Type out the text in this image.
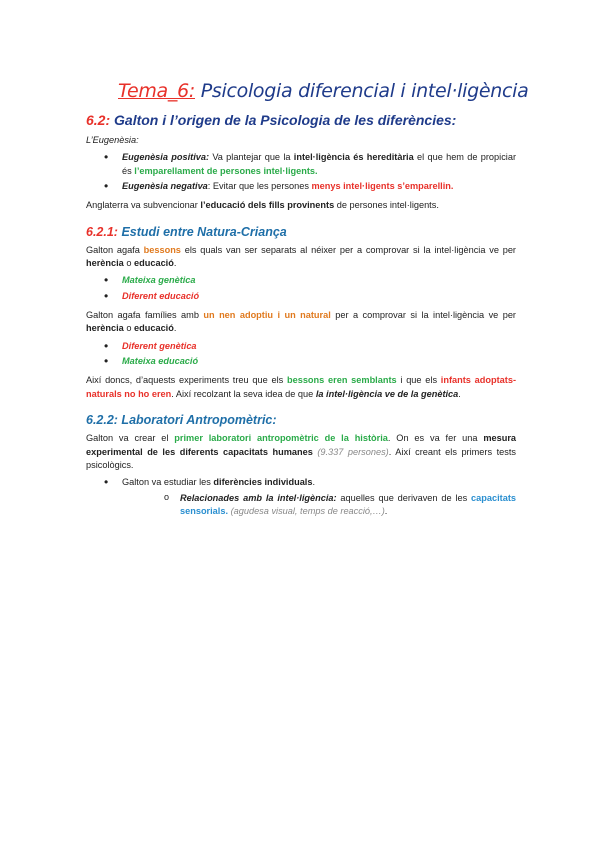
Tema_6: Psicologia diferencial i intel·ligència
6.2: Galton i l’origen de la Psicologia de les diferències:
L’Eugenèsia:
• Eugenèsia positiva: Va plantejar que la intel·ligència és hereditària el que hem de propiciar és l’emparellament de persones intel·ligents.
• Eugenèsia negativa: Evitar que les persones menys intel·ligents s’emparellin.
Anglaterra va subvencionar l’educació dels fills provinents de persones intel·ligents.
6.2.1: Estudi entre Natura-Criança
Galton agafa bessons els quals van ser separats al néixer per a comprovar si la intel·ligència ve per herència o educació.
• Mateixa genètica
• Diferent educació
Galton agafa famílies amb un nen adoptiu i un natural per a comprovar si la intel·ligència ve per herència o educació.
• Diferent genètica
• Mateixa educació
Així doncs, d’aquests experiments treu que els bessons eren semblants i que els infants adoptats-naturals no ho eren. Així recolzant la seva idea de que la intel·ligència ve de la genètica.
6.2.2: Laboratori Antropomètric:
Galton va crear el primer laboratori antropomètric de la història. On es va fer una mesura experimental de les diferents capacitats humanes (9.337 persones). Així creant els primers tests psicològics.
• Galton va estudiar les diferències individuals.
o Relacionades amb la intel·ligència: aquelles que derivaven de les capacitats sensorials. (agudesa visual, temps de reacció,…).
